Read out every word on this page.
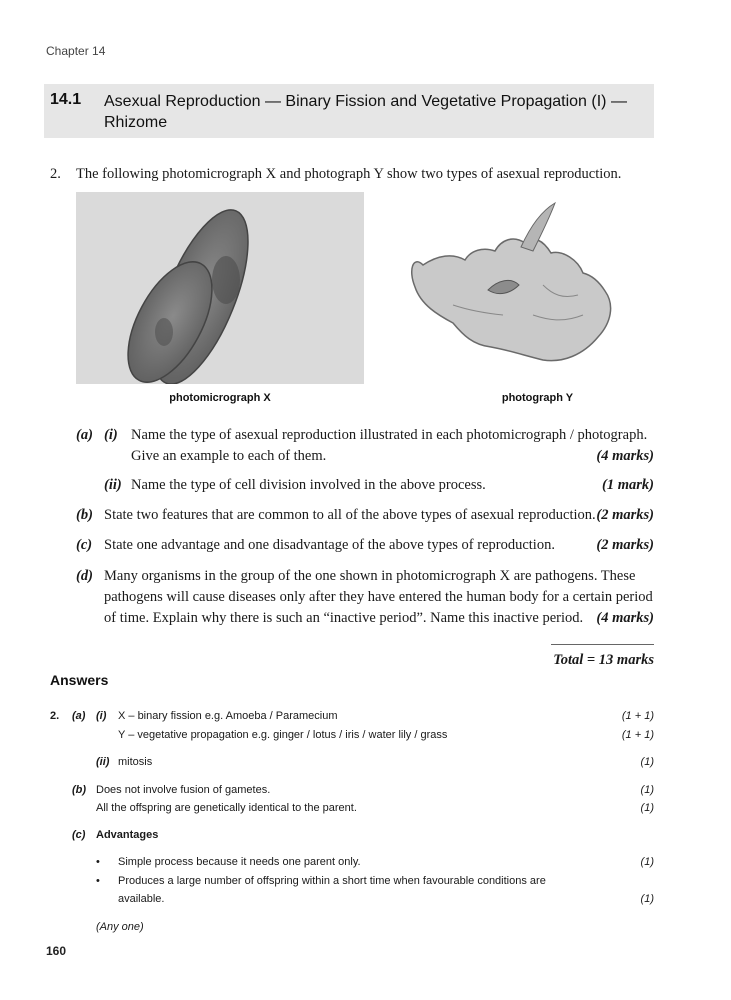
Chapter 14
14.1 Asexual Reproduction — Binary Fission and Vegetative Propagation (I) — Rhizome
2. The following photomicrograph X and photograph Y show two types of asexual reproduction.
photomicrograph X	photograph Y
(a) (i) Name the type of asexual reproduction illustrated in each photomicrograph / photograph.
Give an example to each of them.	(4 marks)
(ii) Name the type of cell division involved in the above process.	(1 mark)
(b) State two features that are common to all of the above types of asexual reproduction. (2 marks)
(c) State one advantage and one disadvantage of the above types of reproduction.	(2 marks)
(d) Many organisms in the group of the one shown in photomicrograph X are pathogens. These
pathogens will cause diseases only after they have entered the human body for a certain period
of time. Explain why there is such an “inactive period”. Name this inactive period. (4 marks)
Total = 13 marks
Answers
2. (a) (i) X – binary fission e.g. Amoeba / Paramecium	(1 + 1)
Y – vegetative propagation e.g. ginger / lotus / iris / water lily / grass	(1 + 1)
(ii) mitosis	(1)
(b) Does not involve fusion of gametes.	(1)
All the offspring are genetically identical to the parent.	(1)
(c) Advantages
• Simple process because it needs one parent only.	(1)
• Produces a large number of offspring within a short time when favourable conditions are
available.	(1)
(Any one)
160
